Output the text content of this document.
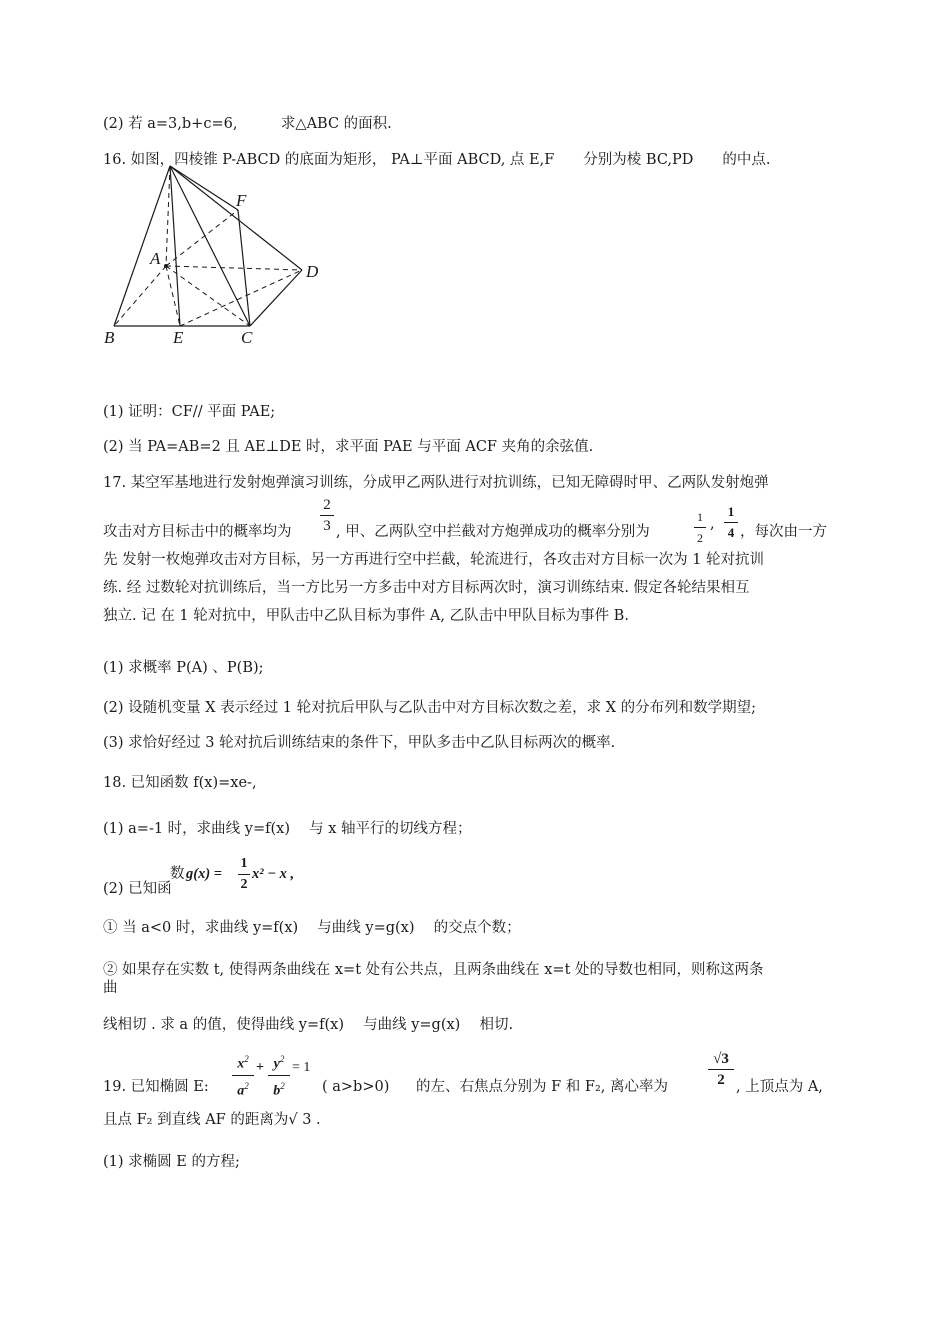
(2) 若 a=3,b+c=6,　　　求△ABC 的面积.
16. 如图，四棱锥 P-ABCD 的底面为矩形， PA⊥平面 ABCD, 点 E,F　　分别为棱 BC,PD　　的中点.
F
A
D
B	E	C
(1) 证明：CF// 平面 PAE;
(2) 当 PA=AB=2 且 AE⊥DE 时，求平面 PAE 与平面 ACF 夹角的余弦值.
17. 某空军基地进行发射炮弹演习训练，分成甲乙两队进行对抗训练，已知无障碍时甲、乙两队发射炮弹
攻击对方目标击中的概率均为
2
3 , 甲、乙两队空中拦截对方炮弹成功的概率分别为
1
2
,
1
4 ，每次由一方
先 发射一枚炮弹攻击对方目标，另一方再进行空中拦截，轮流进行，各攻击对方目标一次为 1 轮对抗训
练. 经 过数轮对抗训练后，当一方比另一方多击中对方目标两次时，演习训练结束. 假定各轮结果相互
独立. 记 在 1 轮对抗中，甲队击中乙队目标为事件 A, 乙队击中甲队目标为事件 B.
(1) 求概率 P(A) 、P(B);
(2) 设随机变量 X 表示经过 1 轮对抗后甲队与乙队击中对方目标次数之差，求 X 的分布列和数学期望;
(3) 求恰好经过 3 轮对抗后训练结束的条件下，甲队多击中乙队目标两次的概率.
18. 已知函数 f(x)=xe-,
(1) a=-1 时，求曲线 y=f(x)　 与 x 轴平行的切线方程；
(2) 已知函
数 g(x) =
1
2
x² − x ,
① 当 a<0 时，求曲线 y=f(x)　 与曲线 y=g(x)　 的交点个数；
② 如果存在实数 t, 使得两条曲线在 x=t 处有公共点，且两条曲线在 x=t 处的导数也相同，则称这两条
曲
线相切 . 求 a 的值，使得曲线 y=f(x)　 与曲线 y=g(x)　 相切.
19. 已知椭圆 E:
$x^2$
$a^2$
+ $y^2$
$b^2$
= 1
( a>b>0) 的左、右焦点分别为 F 和 F₂, 离心率为
√3
2 , 上顶点为 A,
且点 F₂ 到直线 AF 的距离为√ 3 .
(1) 求椭圆 E 的方程;
